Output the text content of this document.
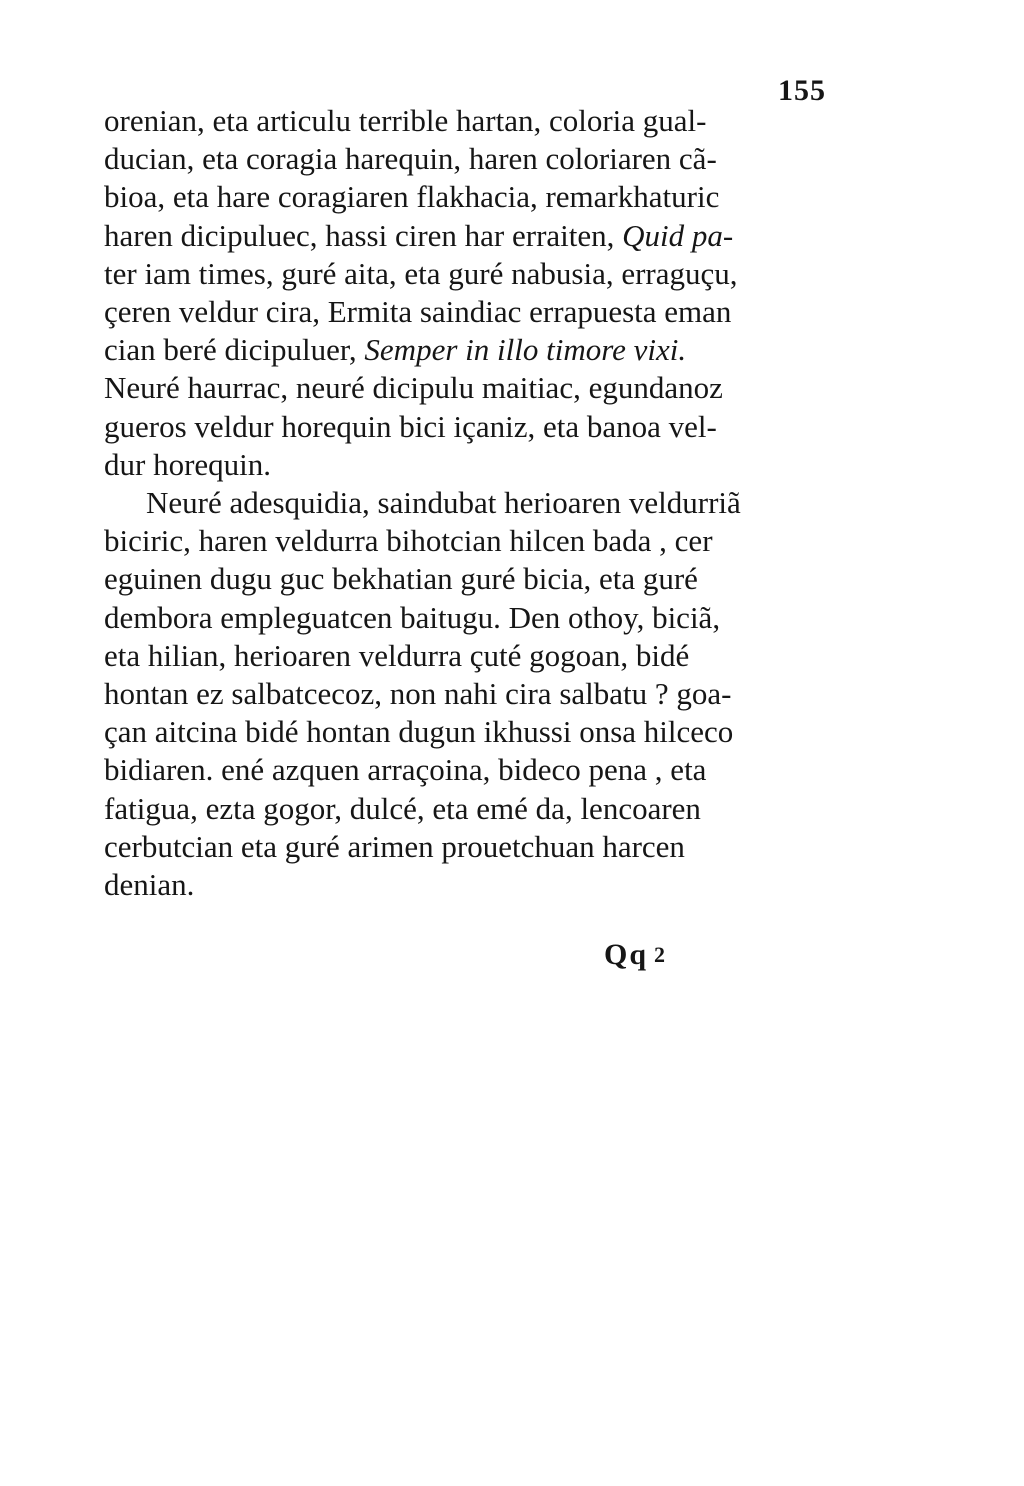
155

orenian, eta articulu terrible hartan, coloria gual-
ducian, eta coragia harequin, haren coloriaren cã-
bioa, eta hare coragiaren flakhacia, remarkhaturic
haren dicipuluec, hassi ciren har erraiten, Quid pa-
ter iam times, guré aita, eta guré nabusia, erraguçu,
çeren veldur cira, Ermita saindiac errapuesta eman
cian beré dicipuluer, Semper in illo timore vixi.
Neuré haurrac, neuré dicipulu maitiac, egundanoz
gueros veldur horequin bici içaniz, eta banoa vel-
dur horequin.

Neuré adesquidia, saindubat herioaren veldurriã
biciric, haren veldurra bihotcian hilcen bada , cer
eguinen dugu guc bekhatian guré bicia, eta guré
dembora empleguatcen baitugu. Den othoy, biciã,
eta hilian, herioaren veldurra çuté gogoan, bidé
hontan ez salbatcecoz, non nahi cira salbatu ? goa-
çan aitcina bidé hontan dugun ikhussi onsa hilceco
bidiaren. ené azquen arraçoina, bideco pena , eta
fatigua, ezta gogor, dulcé, eta emé da, lencoaren
cerbutcian eta guré arimen prouetchuan harcen
denian.

Qq 2
